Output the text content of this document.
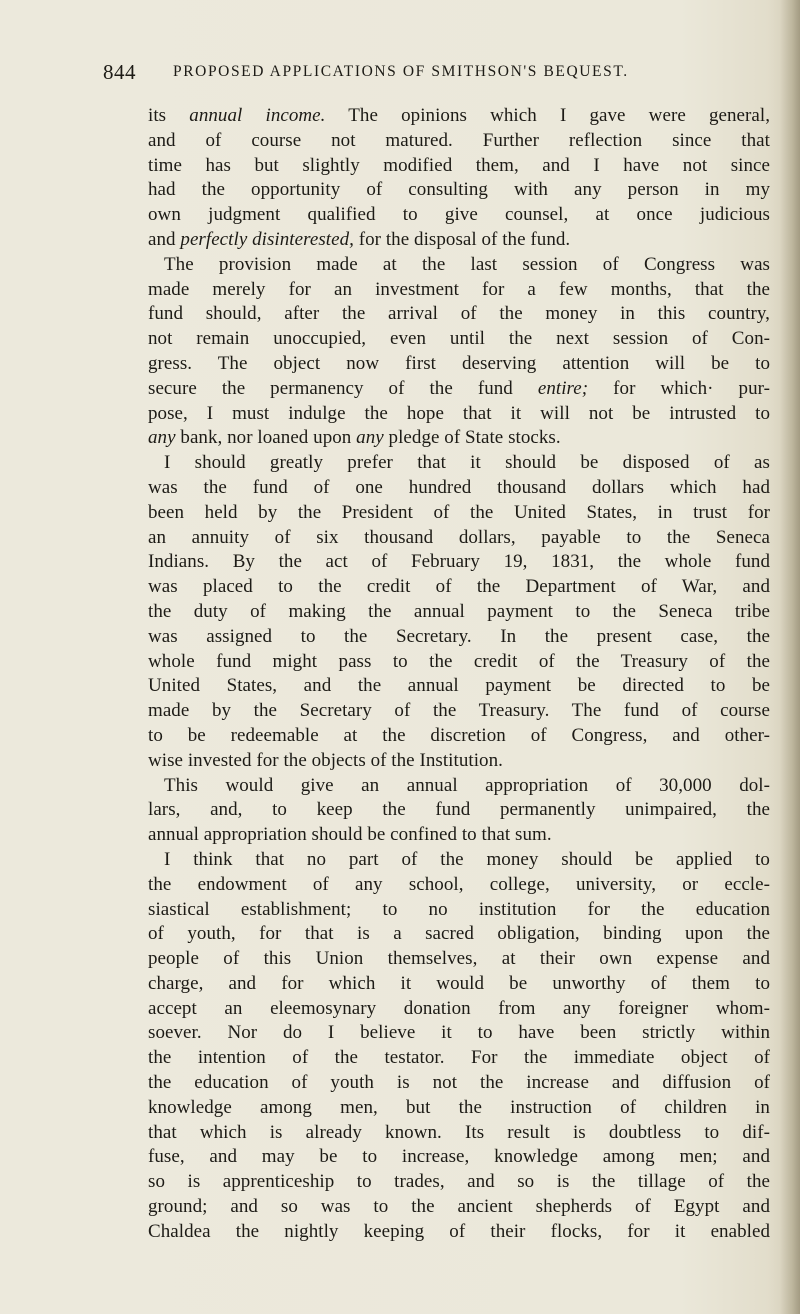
844 PROPOSED APPLICATIONS OF SMITHSON'S BEQUEST.
its annual income. The opinions which I gave were general,
and of course not matured. Further reflection since that
time has but slightly modified them, and I have not since
had the opportunity of consulting with any person in my
own judgment qualified to give counsel, at once judicious
and perfectly disinterested, for the disposal of the fund.
The provision made at the last session of Congress was
made merely for an investment for a few months, that the
fund should, after the arrival of the money in this country,
not remain unoccupied, even until the next session of Con-
gress. The object now first deserving attention will be to
secure the permanency of the fund entire; for which· pur-
pose, I must indulge the hope that it will not be intrusted to
any bank, nor loaned upon any pledge of State stocks.
I should greatly prefer that it should be disposed of as
was the fund of one hundred thousand dollars which had
been held by the President of the United States, in trust for
an annuity of six thousand dollars, payable to the Seneca
Indians. By the act of February 19, 1831, the whole fund
was placed to the credit of the Department of War, and
the duty of making the annual payment to the Seneca tribe
was assigned to the Secretary. In the present case, the
whole fund might pass to the credit of the Treasury of the
United States, and the annual payment be directed to be
made by the Secretary of the Treasury. The fund of course
to be redeemable at the discretion of Congress, and other-
wise invested for the objects of the Institution.
This would give an annual appropriation of 30,000 dol-
lars, and, to keep the fund permanently unimpaired, the
annual appropriation should be confined to that sum.
I think that no part of the money should be applied to
the endowment of any school, college, university, or eccle-
siastical establishment; to no institution for the education
of youth, for that is a sacred obligation, binding upon the
people of this Union themselves, at their own expense and
charge, and for which it would be unworthy of them to
accept an eleemosynary donation from any foreigner whom-
soever. Nor do I believe it to have been strictly within
the intention of the testator. For the immediate object of
the education of youth is not the increase and diffusion of
knowledge among men, but the instruction of children in
that which is already known. Its result is doubtless to dif-
fuse, and may be to increase, knowledge among men; and
so is apprenticeship to trades, and so is the tillage of the
ground; and so was to the ancient shepherds of Egypt and
Chaldea the nightly keeping of their flocks, for it enabled
